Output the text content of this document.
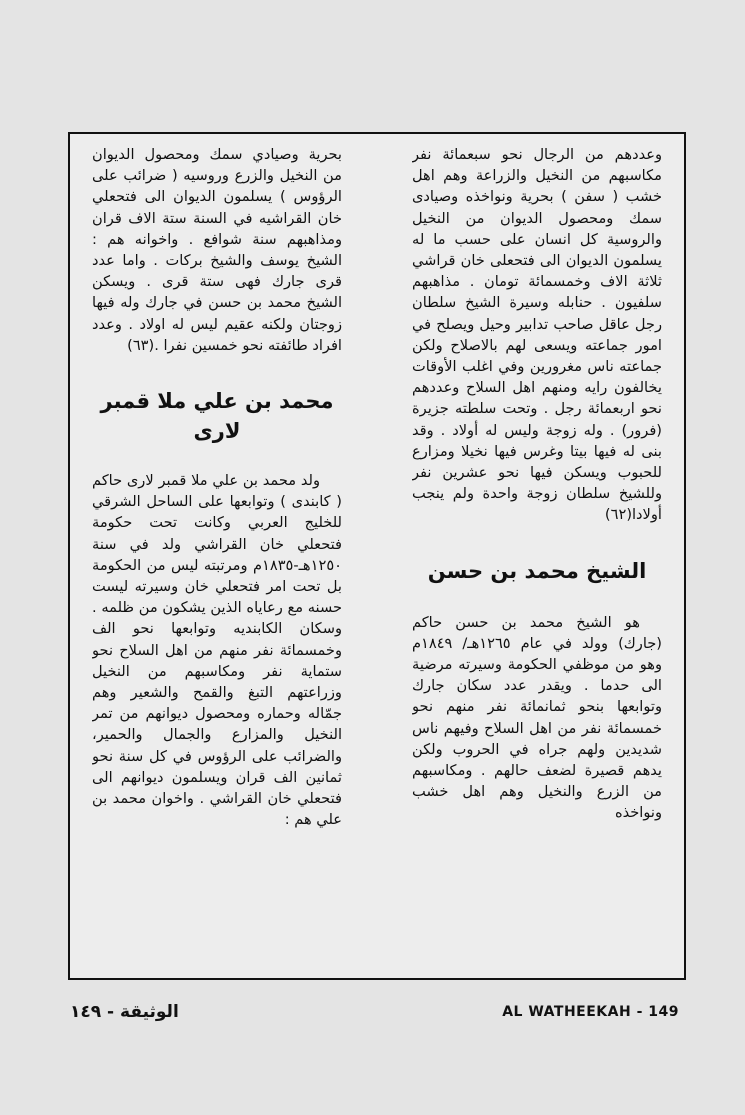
وعددهم من الرجال نحو سبعمائة نفر مكاسبهم من النخيل والزراعة وهم اهل خشب ( سفن ) بحرية ونواخذه وصيادى سمك ومحصول الديوان من النخيل والروسية كل انسان على حسب ما له يسلمون الديوان الى فتحعلى خان قراشي ثلاثة الاف وخمسمائة تومان . مذاهبهم سلفيون . حنابله وسيرة الشيخ سلطان رجل عاقل صاحب تدابير وحيل ويصلح في امور جماعته ويسعى لهم بالاصلاح ولكن جماعته ناس مغرورين وفي اغلب الأوقات يخالفون رايه ومنهم اهل السلاح وعددهم نحو اربعمائة رجل . وتحت سلطته جزيرة (فرور) . وله زوجة وليس له أولاد . وقد بنى له فيها بيتا وغرس فيها نخيلا ومزارع للحبوب ويسكن فيها نحو عشرين نفر وللشيخ سلطان زوجة واحدة ولم ينجب أولادا(٦٢)

الشيخ محمد بن حسن

هو الشيخ محمد بن حسن حاكم (جارك) وولد في عام ١٢٦٥هـ/ ١٨٤٩م وهو من موظفي الحكومة وسيرته مرضية الى حدما . ويقدر عدد سكان جارك وتوابعها بنحو ثمانمائة نفر منهم نحو خمسمائة نفر من اهل السلاح وفيهم ناس شديدين ولهم جراه في الحروب ولكن يدهم قصيرة لضعف حالهم . ومكاسبهم من الزرع والنخيل وهم اهل خشب ونواخذه

بحرية وصيادي سمك ومحصول الديوان من النخيل والزرع وروسيه ( ضرائب على الرؤوس ) يسلمون الديوان الى فتحعلي خان القراشيه في السنة ستة الاف قران ومذاهبهم سنة شوافع . واخوانه هم : الشيخ يوسف والشيخ بركات . واما عدد قرى جارك فهى ستة قرى . ويسكن الشيخ محمد بن حسن في جارك وله فيها زوجتان ولكنه عقيم ليس له اولاد . وعدد افراد طائفته نحو خمسين نفرا .(٦٣)

محمد بن علي ملا قمبر لارى

ولد محمد بن علي ملا قمبر لارى حاكم ( كابندى ) وتوابعها على الساحل الشرقي للخليج العربي وكانت تحت حكومة فتحعلي خان القراشي ولد في سنة ١٢٥٠هـ-١٨٣٥م ومرتبته ليس من الحكومة بل تحت امر فتحعلي خان وسيرته ليست حسنه مع رعاياه الذين يشكون من ظلمه . وسكان الكابنديه وتوابعها نحو الف وخمسمائة نفر منهم من اهل السلاح نحو ستماية نفر ومكاسبهم من النخيل وزراعتهم التبغ والقمح والشعير وهم جمّاله وحماره ومحصول ديوانهم من تمر النخيل والمزارع والجمال والحمير، والضرائب على الرؤوس في كل سنة نحو ثمانين الف قران ويسلمون ديوانهم الى فتحعلي خان القراشي . واخوان محمد بن علي هم :

الوثيقة - ١٤٩	AL WATHEEKAH - 149
